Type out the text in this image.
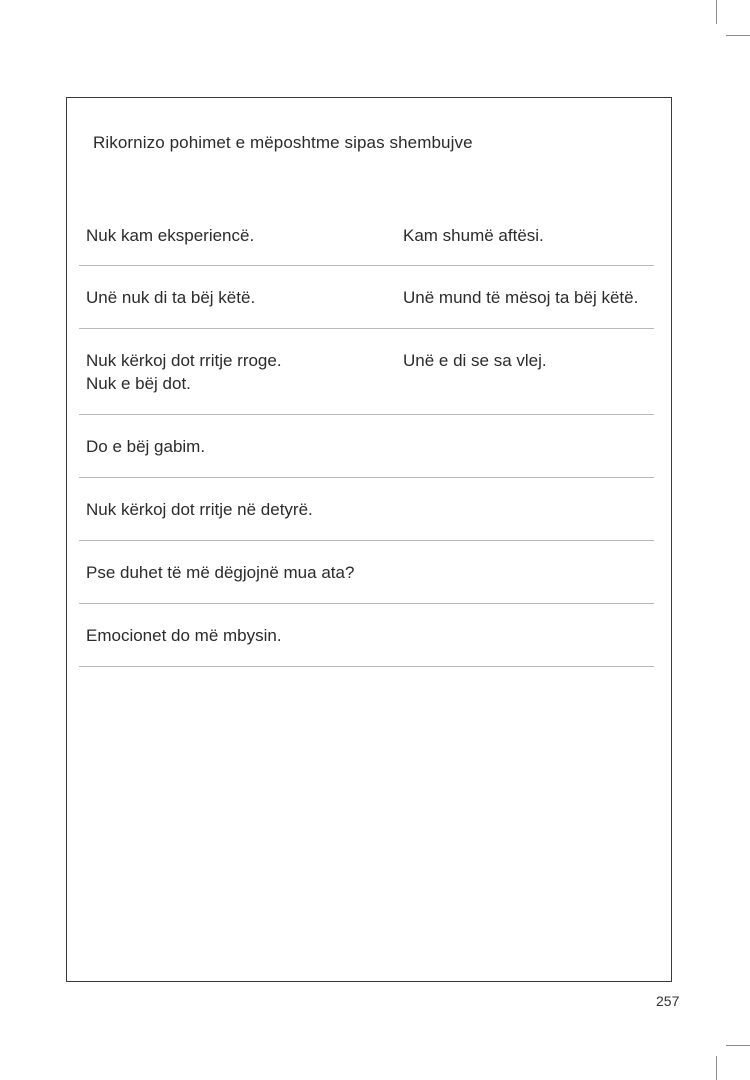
Rikornizo pohimet e mëposhtme sipas shembujve
Nuk kam eksperiencë.	Kam shumë aftësi.
Unë nuk di ta bëj këtë.	Unë mund të mësoj ta bëj këtë.
Nuk kërkoj dot rritje rroge.
Nuk e bëj dot.
Unë e di se sa vlej.
Do e bëj gabim.
Nuk kërkoj dot rritje në detyrë.
Pse duhet të më dëgjojnë mua ata?
Emocionet do më mbysin.
257
